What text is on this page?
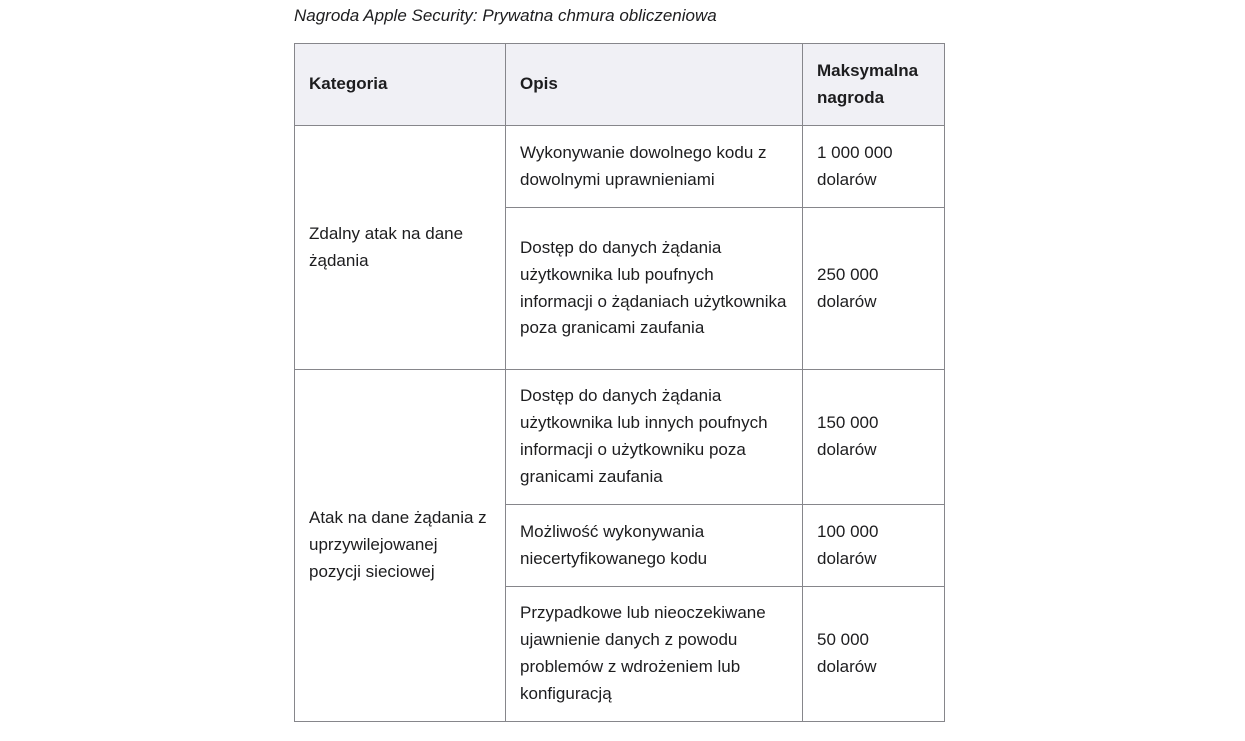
Nagroda Apple Security: Prywatna chmura obliczeniowa
Kategoria	Opis	Maksymalna nagroda
Zdalny atak na dane żądania	Wykonywanie dowolnego kodu z dowolnymi uprawnieniami	1 000 000 dolarów
	Dostęp do danych żądania użytkownika lub poufnych informacji o żądaniach użytkownika poza granicami zaufania	250 000 dolarów
Atak na dane żądania z uprzywilejowanej pozycji sieciowej	Dostęp do danych żądania użytkownika lub innych poufnych informacji o użytkowniku poza granicami zaufania	150 000 dolarów
	Możliwość wykonywania niecertyfikowanego kodu	100 000 dolarów
	Przypadkowe lub nieoczekiwane ujawnienie danych z powodu problemów z wdrożeniem lub konfiguracją	50 000 dolarów
